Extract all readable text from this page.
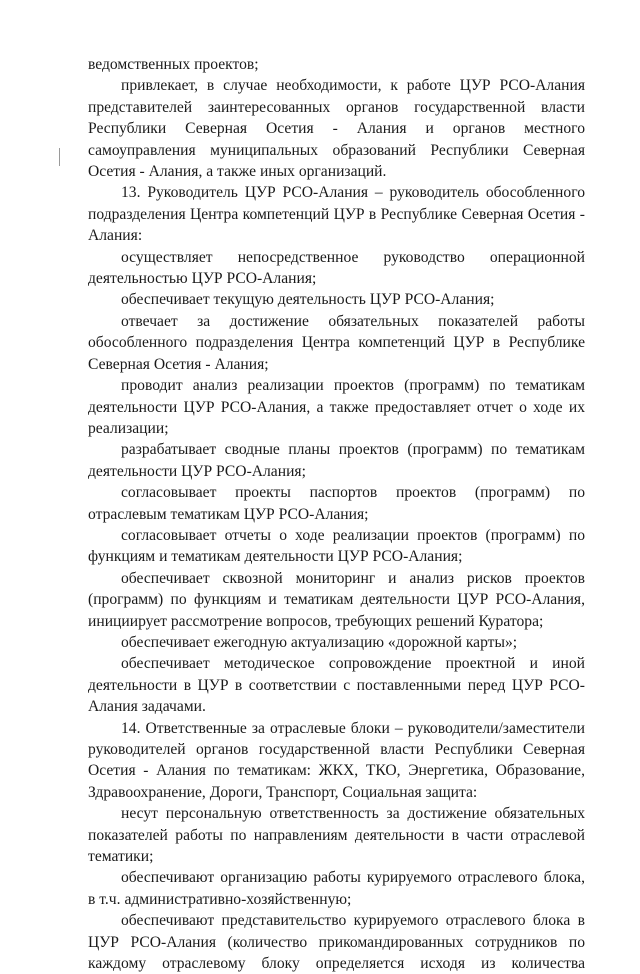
ведомственных проектов;

привлекает, в случае необходимости, к работе ЦУР РСО-Алания представителей заинтересованных органов государственной власти Республики Северная Осетия - Алания и органов местного самоуправления муниципальных образований Республики Северная Осетия - Алания, а также иных организаций.

13. Руководитель ЦУР РСО-Алания – руководитель обособленного подразделения Центра компетенций ЦУР в Республике Северная Осетия - Алания:

осуществляет непосредственное руководство операционной деятельностью ЦУР РСО-Алания;

обеспечивает текущую деятельность ЦУР РСО-Алания;

отвечает за достижение обязательных показателей работы обособленного подразделения Центра компетенций ЦУР в Республике Северная Осетия - Алания;

проводит анализ реализации проектов (программ) по тематикам деятельности ЦУР РСО-Алания, а также предоставляет отчет о ходе их реализации;

разрабатывает сводные планы проектов (программ) по тематикам деятельности ЦУР РСО-Алания;

согласовывает проекты паспортов проектов (программ) по отраслевым тематикам ЦУР РСО-Алания;

согласовывает отчеты о ходе реализации проектов (программ) по функциям и тематикам деятельности ЦУР РСО-Алания;

обеспечивает сквозной мониторинг и анализ рисков проектов (программ) по функциям и тематикам деятельности ЦУР РСО-Алания, инициирует рассмотрение вопросов, требующих решений Куратора;

обеспечивает ежегодную актуализацию «дорожной карты»;

обеспечивает методическое сопровождение проектной и иной деятельности в ЦУР в соответствии с поставленными перед ЦУР РСО-Алания задачами.

14. Ответственные за отраслевые блоки – руководители/заместители руководителей органов государственной власти Республики Северная Осетия - Алания по тематикам: ЖКХ, ТКО, Энергетика, Образование, Здравоохранение, Дороги, Транспорт, Социальная защита:

несут персональную ответственность за достижение обязательных показателей работы по направлениям деятельности в части отраслевой тематики;

обеспечивают организацию работы курируемого отраслевого блока, в т.ч. административно-хозяйственную;

обеспечивают представительство курируемого отраслевого блока в ЦУР РСО-Алания (количество прикомандированных сотрудников по каждому отраслевому блоку определяется исходя из количества
